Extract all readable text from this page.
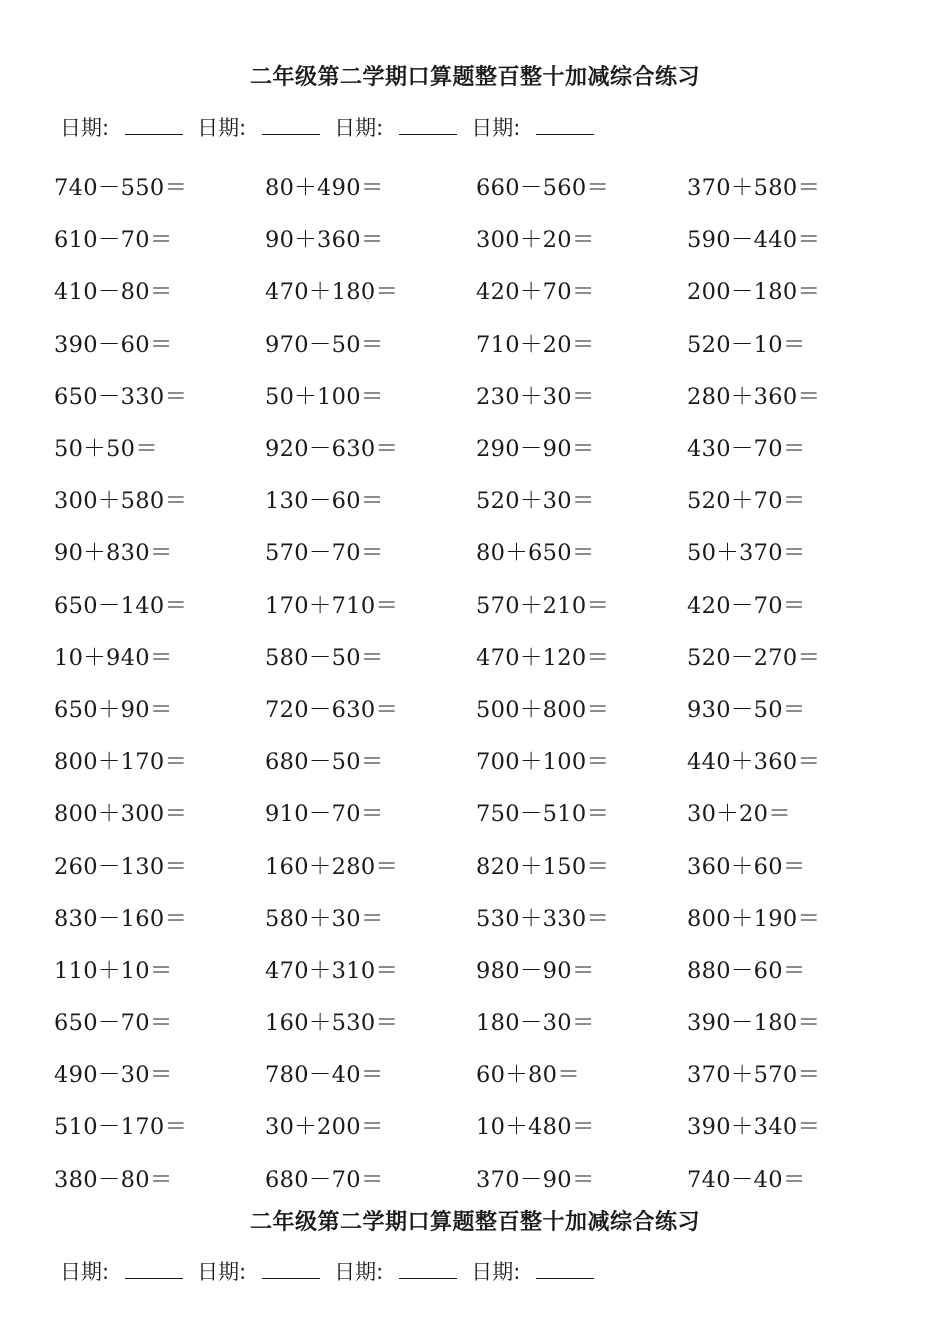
二年级第二学期口算题整百整十加减综合练习
日期:	日期:	日期:	日期:
740－550＝	80＋490＝	660－560＝	370＋580＝
610－70＝	90＋360＝	300＋20＝	590－440＝
410－80＝	470＋180＝	420＋70＝	200－180＝
390－60＝	970－50＝	710＋20＝	520－10＝
650－330＝	50＋100＝	230＋30＝	280＋360＝
50＋50＝	920－630＝	290－90＝	430－70＝
300＋580＝	130－60＝	520＋30＝	520＋70＝
90＋830＝	570－70＝	80＋650＝	50＋370＝
650－140＝	170＋710＝	570＋210＝	420－70＝
10＋940＝	580－50＝	470＋120＝	520－270＝
650＋90＝	720－630＝	500＋800＝	930－50＝
800＋170＝	680－50＝	700＋100＝	440＋360＝
800＋300＝	910－70＝	750－510＝	30＋20＝
260－130＝	160＋280＝	820＋150＝	360＋60＝
830－160＝	580＋30＝	530＋330＝	800＋190＝
110＋10＝	470＋310＝	980－90＝	880－60＝
650－70＝	160＋530＝	180－30＝	390－180＝
490－30＝	780－40＝	60＋80＝	370＋570＝
510－170＝	30＋200＝	10＋480＝	390＋340＝
380－80＝	680－70＝	370－90＝	740－40＝
二年级第二学期口算题整百整十加减综合练习
日期:	日期:	日期:	日期:
